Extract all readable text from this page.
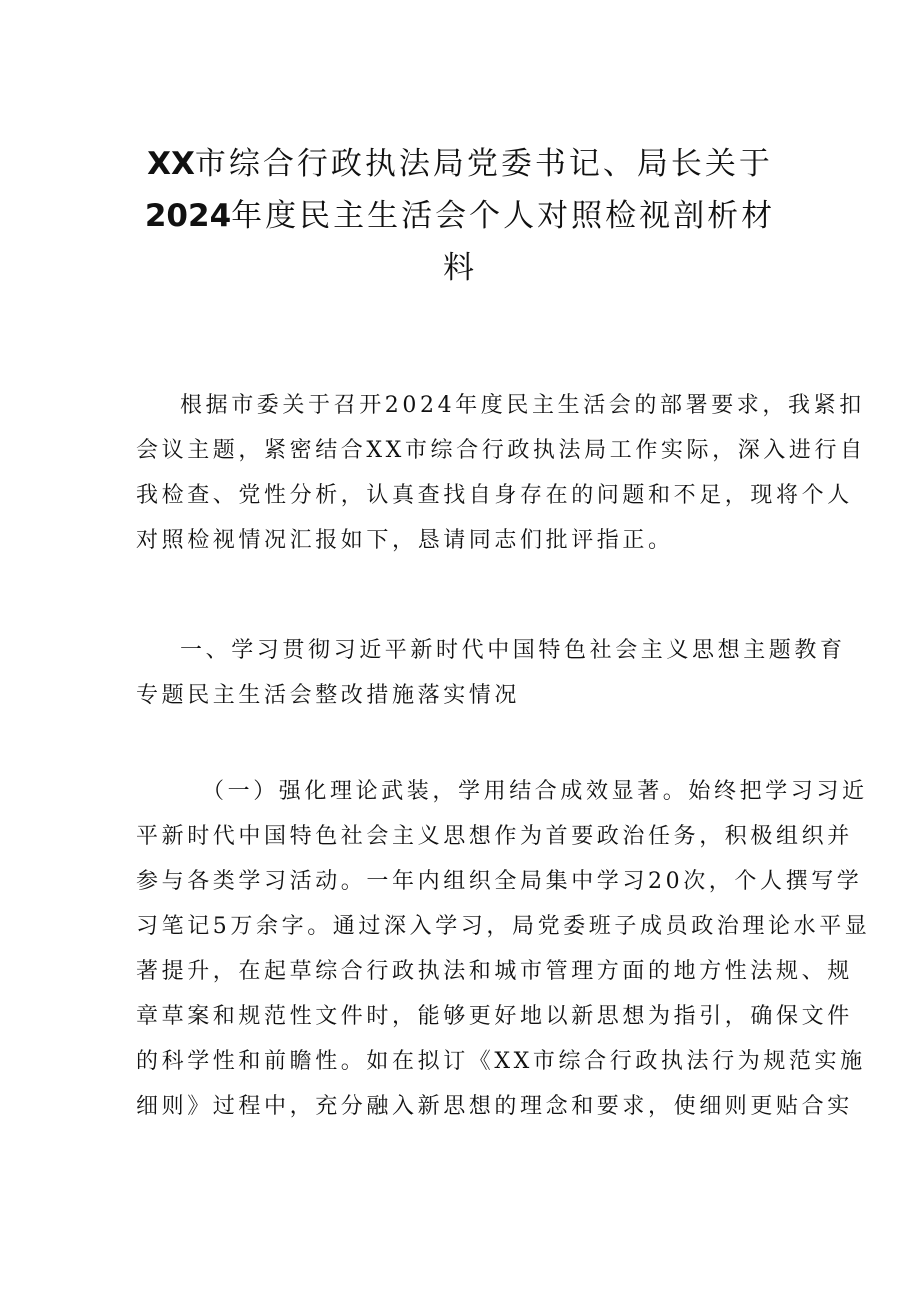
XX市综合行政执法局党委书记、局长关于
2024年度民主生活会个人对照检视剖析材
料

根据市委关于召开2024年度民主生活会的部署要求，我紧扣
会议主题，紧密结合XX市综合行政执法局工作实际，深入进行自
我检查、党性分析，认真查找自身存在的问题和不足，现将个人
对照检视情况汇报如下，恳请同志们批评指正。

一、学习贯彻习近平新时代中国特色社会主义思想主题教育
专题民主生活会整改措施落实情况

（一）强化理论武装，学用结合成效显著。始终把学习习近
平新时代中国特色社会主义思想作为首要政治任务，积极组织并
参与各类学习活动。一年内组织全局集中学习20次，个人撰写学
习笔记5万余字。通过深入学习，局党委班子成员政治理论水平显
著提升，在起草综合行政执法和城市管理方面的地方性法规、规
章草案和规范性文件时，能够更好地以新思想为指引，确保文件
的科学性和前瞻性。如在拟订《XX市综合行政执法行为规范实施
细则》过程中，充分融入新思想的理念和要求，使细则更贴合实
